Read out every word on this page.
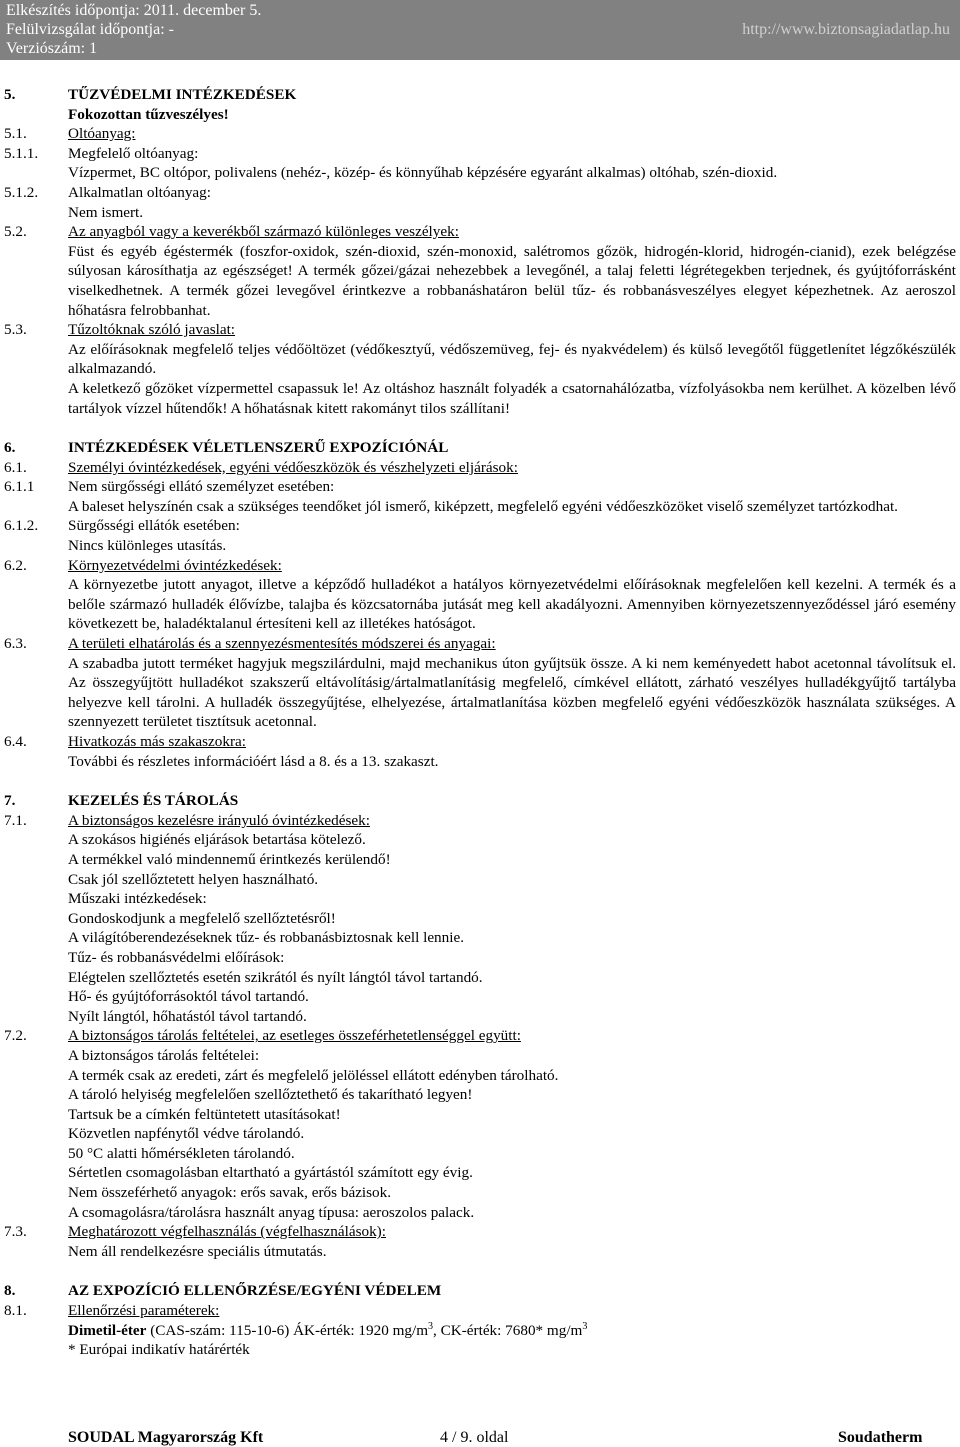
Elkészítés időpontja: 2011. december 5.
Felülvizsgálat időpontja: -
Verziószám: 1
http://www.biztonsagiadatlap.hu
5.	TŰZVÉDELMI INTÉZKEDÉSEK
Fokozottan tűzveszélyes!
5.1.	Oltóanyag:
5.1.1. Megfelelő oltóanyag:
Vízpermet, BC oltópor, polivalens (nehéz-, közép- és könnyűhab képzésére egyaránt alkalmas) oltóhab, szén-dioxid.
5.1.2. Alkalmatlan oltóanyag:
Nem ismert.
5.2.	Az anyagból vagy a keverékből származó különleges veszélyek:
Füst és egyéb égéstermék (foszfor-oxidok, szén-dioxid, szén-monoxid, salétromos gőzök, hidrogén-klorid, hidrogén-cianid), ezek belégzése súlyosan károsíthatja az egészséget! A termék gőzei/gázai nehezebbek a levegőnél, a talaj feletti légrétegekben terjednek, és gyújtóforrásként viselkedhetnek. A termék gőzei levegővel érintkezve a robbanáshatáron belül tűz- és robbanásveszélyes elegyet képezhetnek. Az aeroszol hőhatásra felrobbanhat.
5.3.	Tűzoltóknak szóló javaslat:
Az előírásoknak megfelelő teljes védőöltözet (védőkesztyű, védőszemüveg, fej- és nyakvédelem) és külső levegőtől függetlenítet légzőkészülék alkalmazandó.
A keletkező gőzöket vízpermettel csapassuk le! Az oltáshoz használt folyadék a csatornahálózatba, vízfolyásokba nem kerülhet. A közelben lévő tartályok vízzel hűtendők! A hőhatásnak kitett rakományt tilos szállítani!
6.	INTÉZKEDÉSEK VÉLETLENSZERŰ EXPOZÍCIÓNÁL
6.1.	Személyi óvintézkedések, egyéni védőeszközök és vészhelyzeti eljárások:
6.1.1 Nem sürgősségi ellátó személyzet esetében:
A baleset helyszínén csak a szükséges teendőket jól ismerő, kiképzett, megfelelő egyéni védőeszközöket viselő személyzet tartózkodhat.
6.1.2. Sürgősségi ellátók esetében:
Nincs különleges utasítás.
6.2.	Környezetvédelmi óvintézkedések:
A környezetbe jutott anyagot, illetve a képződő hulladékot a hatályos környezetvédelmi előírásoknak megfelelően kell kezelni. A termék és a belőle származó hulladék élővízbe, talajba és közcsatornába jutását meg kell akadályozni. Amennyiben környezetszennyeződéssel járó esemény következett be, haladéktalanul értesíteni kell az illetékes hatóságot.
6.3.	A területi elhatárolás és a szennyezésmentesítés módszerei és anyagai:
A szabadba jutott terméket hagyjuk megszilárdulni, majd mechanikus úton gyűjtsük össze. A ki nem keményedett habot acetonnal távolítsuk el. Az összegyűjtött hulladékot szakszerű eltávolításig/ártalmatlanításig megfelelő, címkével ellátott, zárható veszélyes hulladékgyűjtő tartályba helyezve kell tárolni. A hulladék összegyűjtése, elhelyezése, ártalmatlanítása közben megfelelő egyéni védőeszközök használata szükséges. A szennyezett területet tisztítsuk acetonnal.
6.4.	Hivatkozás más szakaszokra:
További és részletes információért lásd a 8. és a 13. szakaszt.
7.	KEZELÉS ÉS TÁROLÁS
7.1.	A biztonságos kezelésre irányuló óvintézkedések:
A szokásos higiénés eljárások betartása kötelező.
A termékkel való mindennemű érintkezés kerülendő!
Csak jól szellőztetett helyen használható.
Műszaki intézkedések:
Gondoskodjunk a megfelelő szellőztetésről!
A világítóberendezéseknek tűz- és robbanásbiztosnak kell lennie.
Tűz- és robbanásvédelmi előírások:
Elégtelen szellőztetés esetén szikrától és nyílt lángtól távol tartandó.
Hő- és gyújtóforrásoktól távol tartandó.
Nyílt lángtól, hőhatástól távol tartandó.
7.2.	A biztonságos tárolás feltételei, az esetleges összeférhetetlenséggel együtt:
A biztonságos tárolás feltételei:
A termék csak az eredeti, zárt és megfelelő jelöléssel ellátott edényben tárolható.
A tároló helyiség megfelelően szellőztethető és takarítható legyen!
Tartsuk be a címkén feltüntetett utasításokat!
Közvetlen napfénytől védve tárolandó.
50 °C alatti hőmérsékleten tárolandó.
Sértetlen csomagolásban eltartható a gyártástól számított egy évig.
Nem összeférhető anyagok: erős savak, erős bázisok.
A csomagolásra/tárolásra használt anyag típusa: aeroszolos palack.
7.3.	Meghatározott végfelhasználás (végfelhasználások):
Nem áll rendelkezésre speciális útmutatás.
8.	AZ EXPOZÍCIÓ ELLENŐRZÉSE/EGYÉNI VÉDELEM
8.1.	Ellenőrzési paraméterek:
Dimetil-éter (CAS-szám: 115-10-6) ÁK-érték: 1920 $mg/m^3$, CK-érték: 7680* $mg/m^3$
* Európai indikatív határérték
SOUDAL Magyarország Kft	4 / 9. oldal	Soudatherm
